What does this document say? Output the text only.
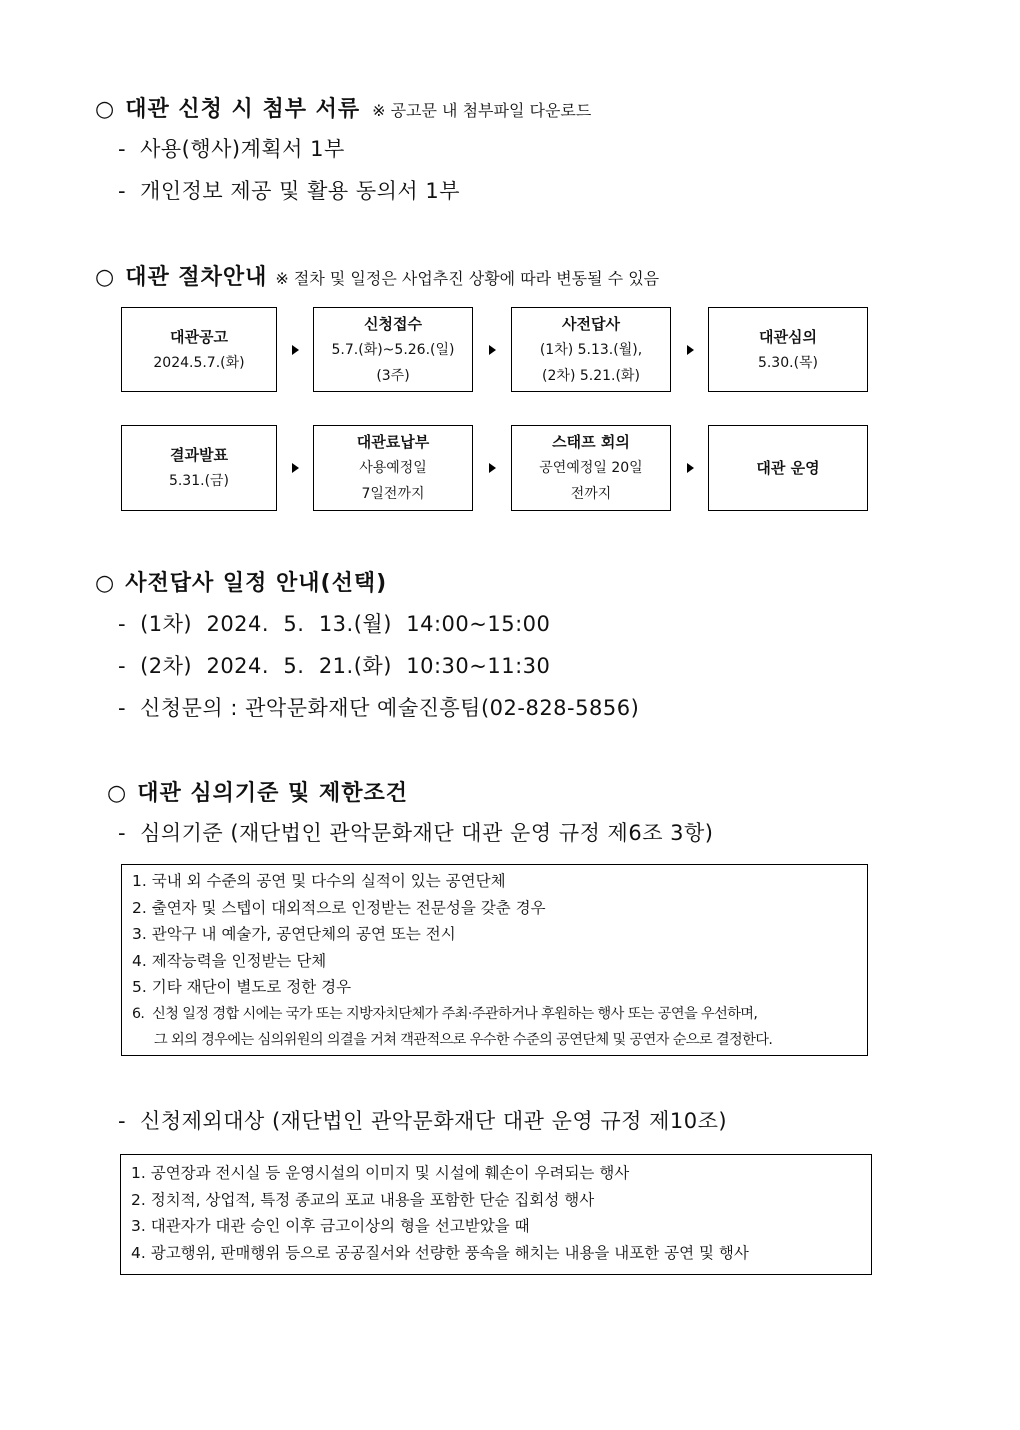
○ 대관 신청 시 첨부 서류 ※ 공고문 내 첨부파일 다운로드
- 사용(행사)계획서 1부
- 개인정보 제공 및 활용 동의서 1부
○ 대관 절차안내 ※ 절차 및 일정은 사업추진 상황에 따라 변동될 수 있음
대관공고
2024.5.7.(화)
신청접수
5.7.(화)~5.26.(일)
(3주)
사전답사
(1차) 5.13.(월),
(2차) 5.21.(화)
대관심의
5.30.(목)
결과발표
5.31.(금)
대관료납부
사용예정일
7일전까지
스태프 회의
공연예정일 20일
전까지
대관 운영
○ 사전답사 일정 안내(선택)
- (1차)  2024.  5.  13.(월)  14:00~15:00
- (2차)  2024.  5.  21.(화)  10:30~11:30
- 신청문의 : 관악문화재단 예술진흥팀(02-828-5856)
○ 대관 심의기준 및 제한조건
- 심의기준 (재단법인 관악문화재단 대관 운영 규정 제6조 3항)
1. 국내 외 수준의 공연 및 다수의 실적이 있는 공연단체
2. 출연자 및 스텝이 대외적으로 인정받는 전문성을 갖춘 경우
3. 관악구 내 예술가, 공연단체의 공연 또는 전시
4. 제작능력을 인정받는 단체
5. 기타 재단이 별도로 정한 경우
6.  신청 일정 경합 시에는 국가 또는 지방자치단체가 주최·주관하거나 후원하는 행사 또는 공연을 우선하며,
그 외의 경우에는 심의위원의 의결을 거쳐 객관적으로 우수한 수준의 공연단체 및 공연자 순으로 결정한다.
- 신청제외대상 (재단법인 관악문화재단 대관 운영 규정 제10조)
1. 공연장과 전시실 등 운영시설의 이미지 및 시설에 훼손이 우려되는 행사
2. 정치적, 상업적, 특정 종교의 포교 내용을 포함한 단순 집회성 행사
3. 대관자가 대관 승인 이후 금고이상의 형을 선고받았을 때
4. 광고행위, 판매행위 등으로 공공질서와 선량한 풍속을 해치는 내용을 내포한 공연 및 행사
